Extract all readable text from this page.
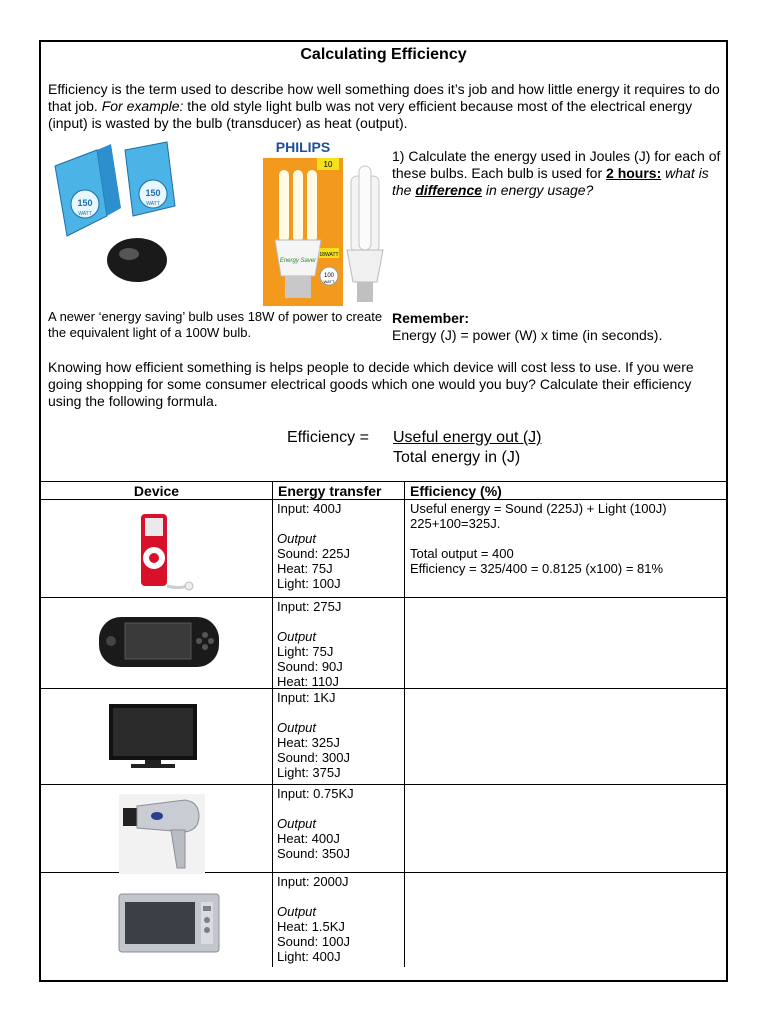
Calculating Efficiency
Efficiency is the term used to describe how well something does it’s job and how little energy it requires to do that job. For example: the old style light bulb was not very efficient because most of the electrical energy (input) is wasted by the bulb (transducer) as heat (output).
150
WATT
150
WATT
PHILIPS
10
Energy Saver
18WATT
100
WATT
1) Calculate the energy used in Joules (J) for each of these bulbs. Each bulb is used for 2 hours: what is the difference in energy usage?
A newer ‘energy saving’ bulb uses 18W of power to create the equivalent light of a 100W bulb.
Remember:
Energy (J) = power (W) x time (in seconds).
Knowing how efficient something is helps people to decide which device will cost less to use. If you were going shopping for some consumer electrical goods which one would you buy? Calculate their efficiency using the following formula.
Efficiency = Useful energy out (J)
Total energy in (J)
Device	Energy transfer Efficiency (%)
Input: 400J
Output
Sound: 225J
Heat: 75J
Light: 100J
Useful energy = Sound (225J) + Light (100J)
225+100=325J.
Total output = 400
Efficiency = 325/400 = 0.8125 (x100) = 81%
Input: 275J
Output
Light: 75J
Sound: 90J
Heat: 110J
Input: 1KJ
Output
Heat: 325J
Sound: 300J
Light: 375J
Input: 0.75KJ
Output
Heat: 400J
Sound: 350J
Input: 2000J
Output
Heat: 1.5KJ
Sound: 100J
Light: 400J
